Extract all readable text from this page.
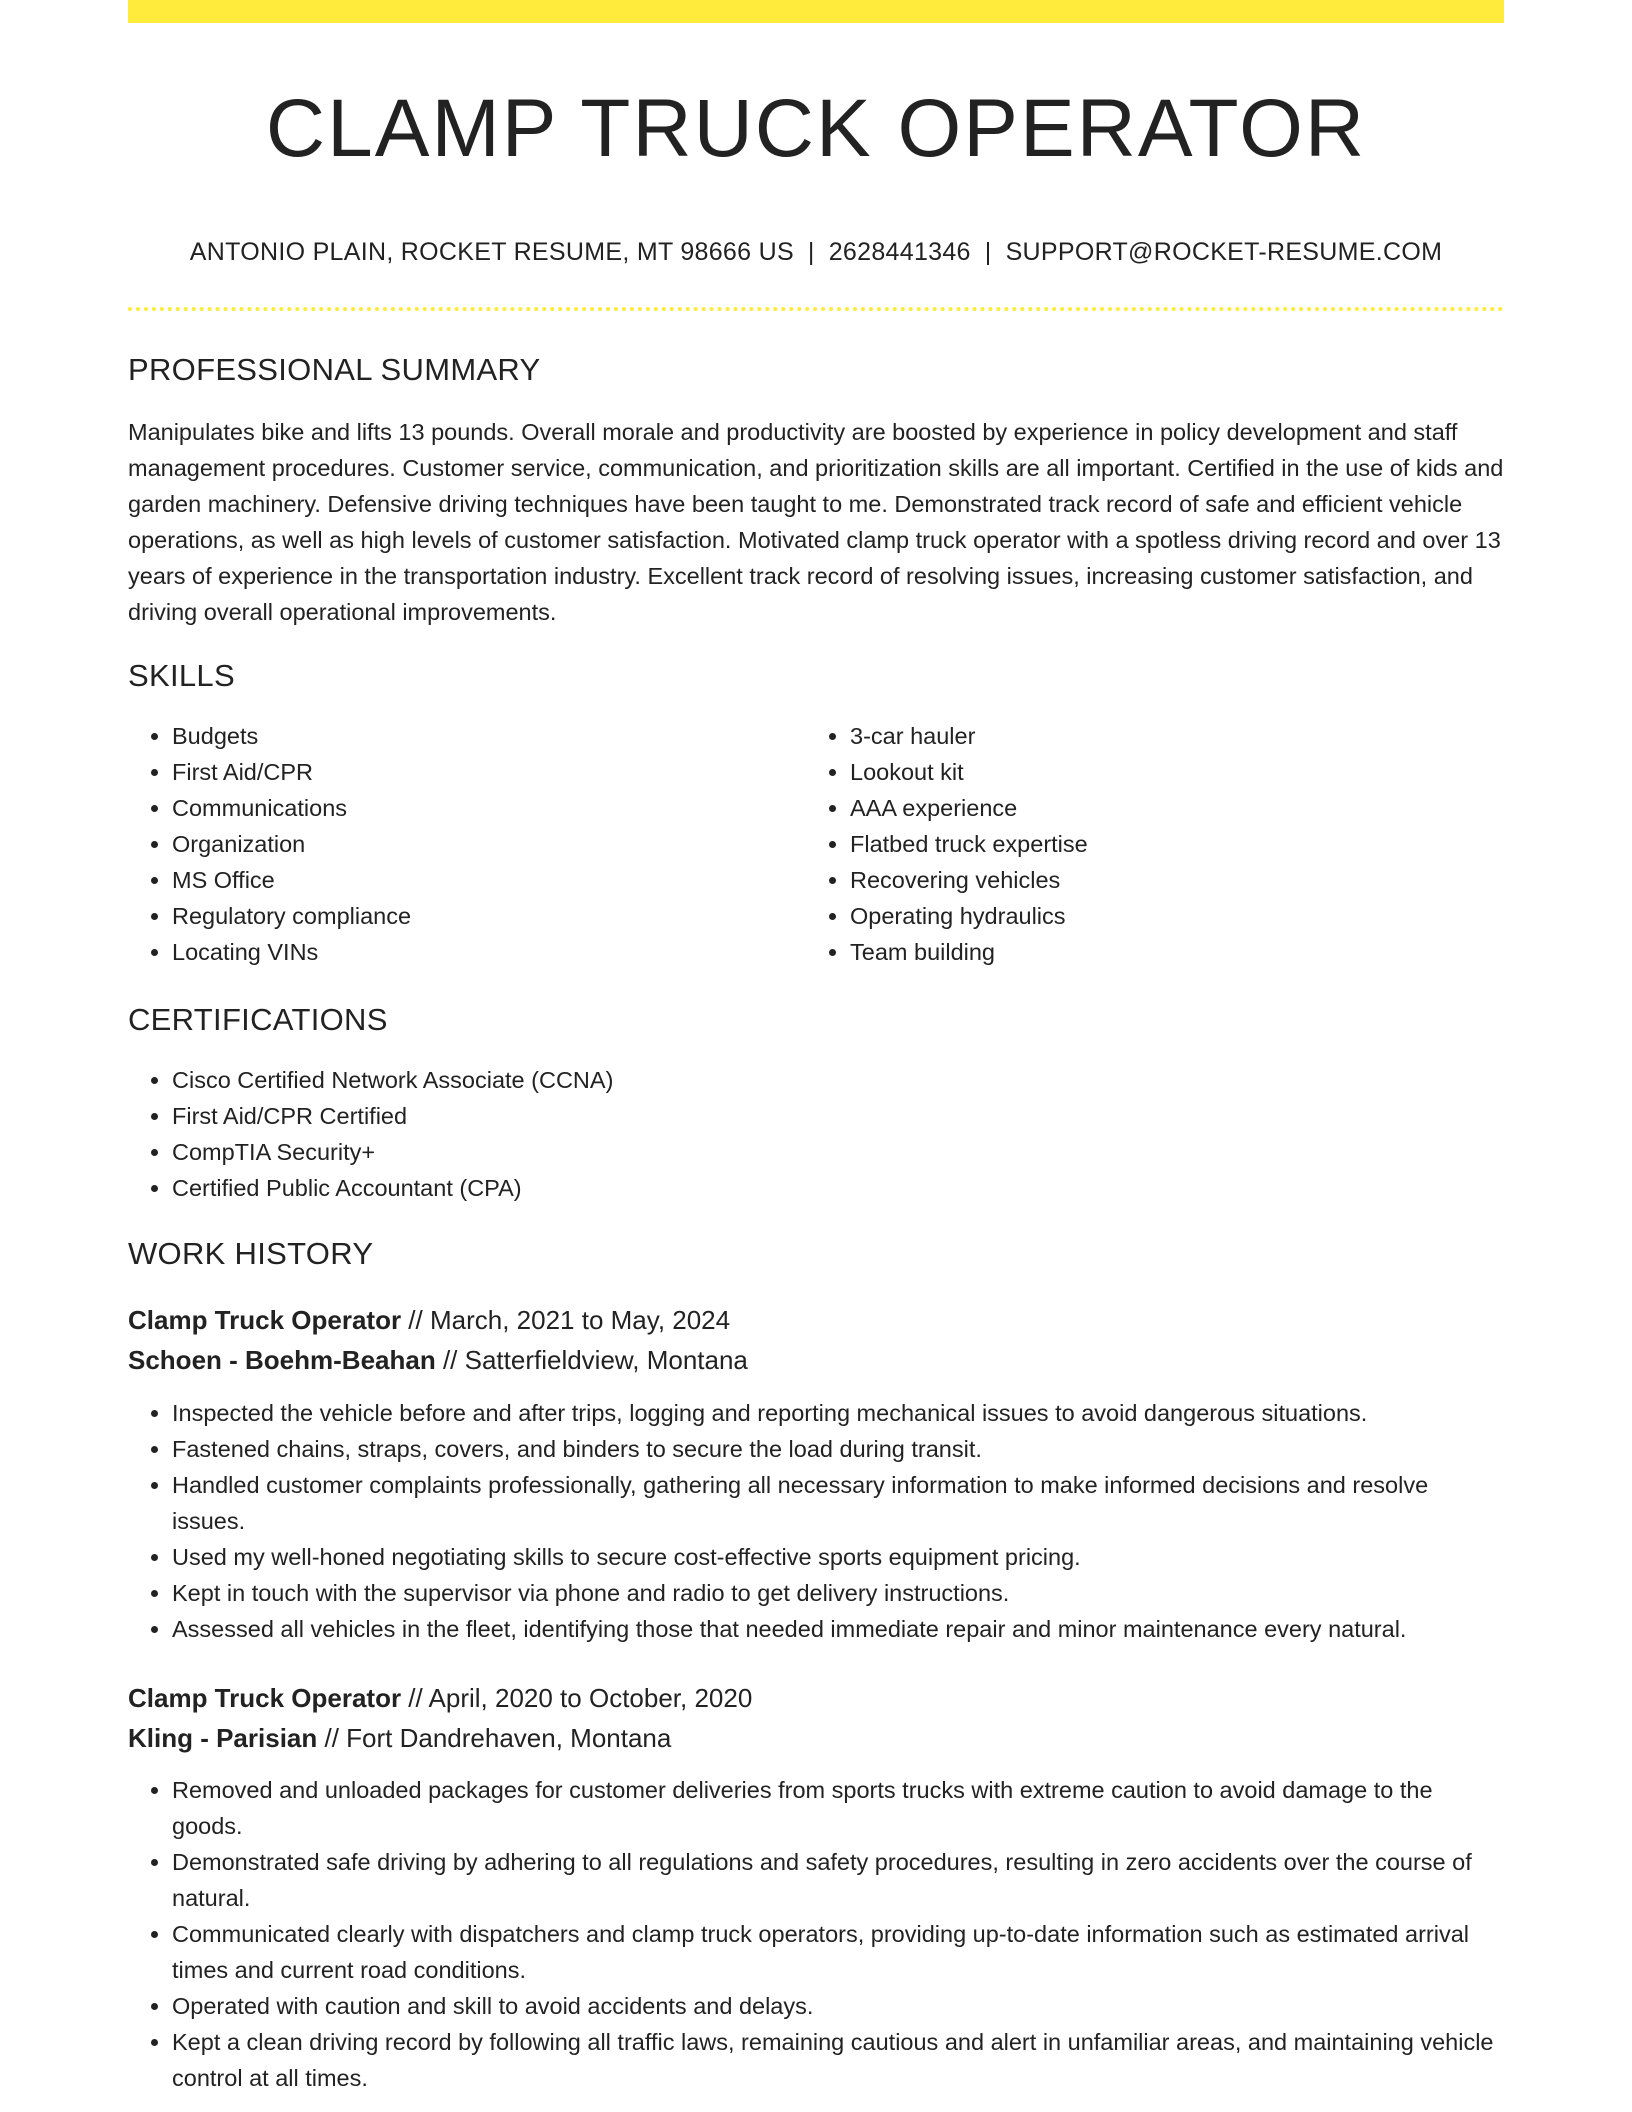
CLAMP TRUCK OPERATOR
ANTONIO PLAIN, ROCKET RESUME, MT 98666 US | 2628441346 | SUPPORT@ROCKET-RESUME.COM
PROFESSIONAL SUMMARY

Manipulates bike and lifts 13 pounds. Overall morale and productivity are boosted by experience in policy development and staff management procedures. Customer service, communication, and prioritization skills are all important. Certified in the use of kids and garden machinery. Defensive driving techniques have been taught to me. Demonstrated track record of safe and efficient vehicle operations, as well as high levels of customer satisfaction. Motivated clamp truck operator with a spotless driving record and over 13 years of experience in the transportation industry. Excellent track record of resolving issues, increasing customer satisfaction, and driving overall operational improvements.

SKILLS
• Budgets
• First Aid/CPR
• Communications
• Organization
• MS Office
• Regulatory compliance
• Locating VINs
• 3-car hauler
• Lookout kit
• AAA experience
• Flatbed truck expertise
• Recovering vehicles
• Operating hydraulics
• Team building
CERTIFICATIONS
• Cisco Certified Network Associate (CCNA)
• First Aid/CPR Certified
• CompTIA Security+
• Certified Public Accountant (CPA)
WORK HISTORY
Clamp Truck Operator // March, 2021 to May, 2024
Schoen - Boehm-Beahan // Satterfieldview, Montana
• Inspected the vehicle before and after trips, logging and reporting mechanical issues to avoid dangerous situations.
• Fastened chains, straps, covers, and binders to secure the load during transit.
• Handled customer complaints professionally, gathering all necessary information to make informed decisions and resolve issues.
• Used my well-honed negotiating skills to secure cost-effective sports equipment pricing.
• Kept in touch with the supervisor via phone and radio to get delivery instructions.
• Assessed all vehicles in the fleet, identifying those that needed immediate repair and minor maintenance every natural.
Clamp Truck Operator // April, 2020 to October, 2020
Kling - Parisian // Fort Dandrehaven, Montana
• Removed and unloaded packages for customer deliveries from sports trucks with extreme caution to avoid damage to the goods.
• Demonstrated safe driving by adhering to all regulations and safety procedures, resulting in zero accidents over the course of natural.
• Communicated clearly with dispatchers and clamp truck operators, providing up-to-date information such as estimated arrival times and current road conditions.
• Operated with caution and skill to avoid accidents and delays.
• Kept a clean driving record by following all traffic laws, remaining cautious and alert in unfamiliar areas, and maintaining vehicle control at all times.
